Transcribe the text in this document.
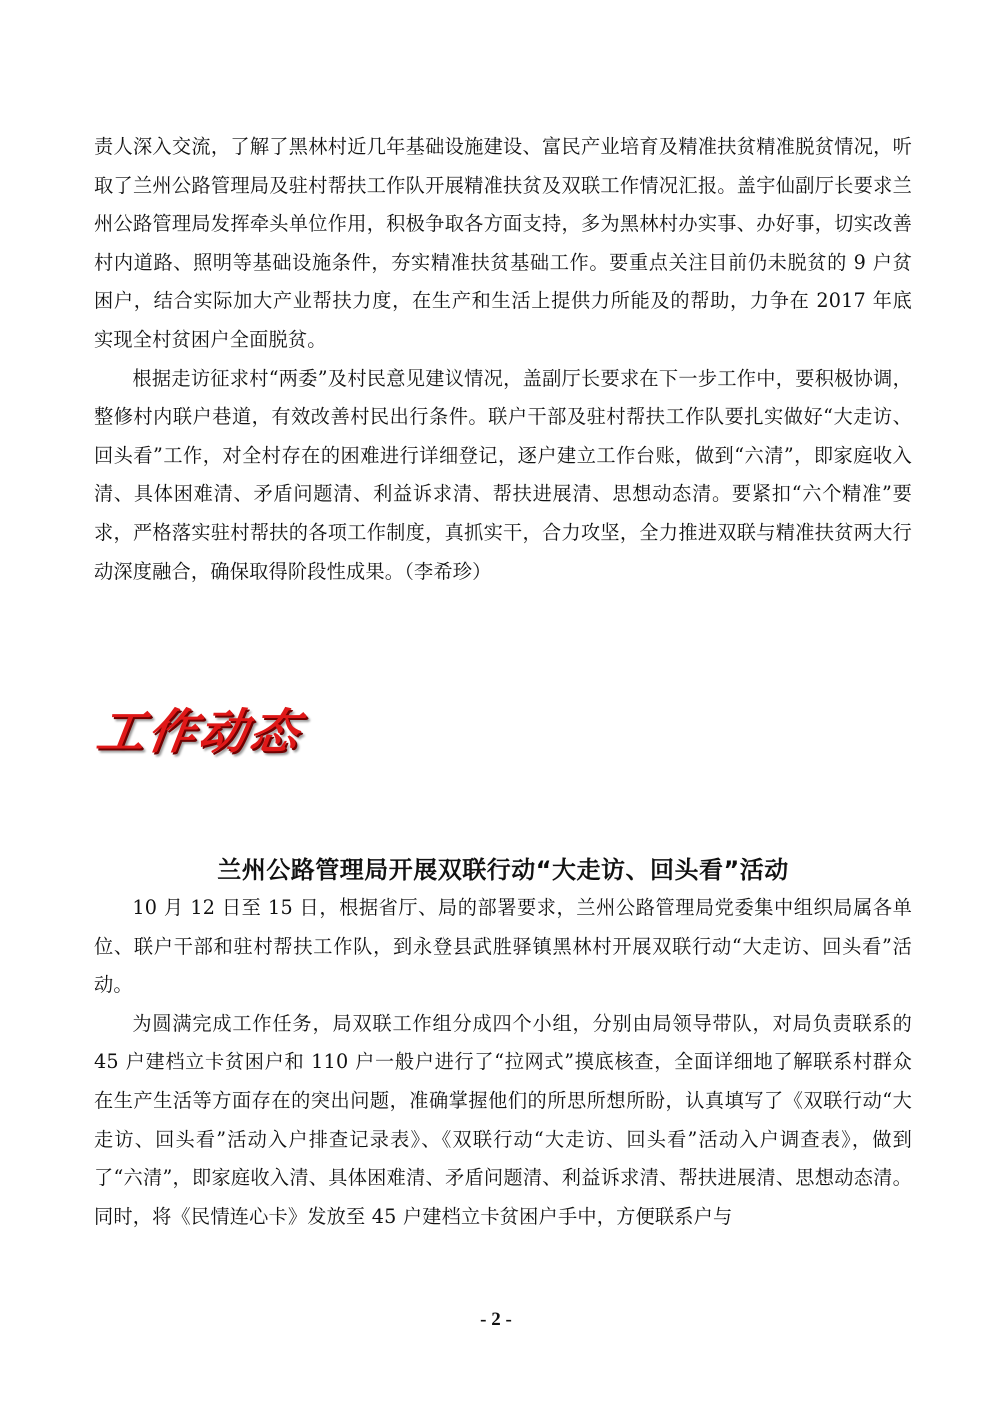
责人深入交流，了解了黑林村近几年基础设施建设、富民产业培育及精准扶贫精准脱贫情况，听取了兰州公路管理局及驻村帮扶工作队开展精准扶贫及双联工作情况汇报。盖宇仙副厅长要求兰州公路管理局发挥牵头单位作用，积极争取各方面支持，多为黑林村办实事、办好事，切实改善村内道路、照明等基础设施条件，夯实精准扶贫基础工作。要重点关注目前仍未脱贫的 9 户贫困户，结合实际加大产业帮扶力度，在生产和生活上提供力所能及的帮助，力争在 2017 年底实现全村贫困户全面脱贫。

根据走访征求村“两委”及村民意见建议情况，盖副厅长要求在下一步工作中，要积极协调，整修村内联户巷道，有效改善村民出行条件。联户干部及驻村帮扶工作队要扎实做好“大走访、回头看”工作，对全村存在的困难进行详细登记，逐户建立工作台账，做到“六清”，即家庭收入清、具体困难清、矛盾问题清、利益诉求清、帮扶进展清、思想动态清。要紧扣“六个精准”要求，严格落实驻村帮扶的各项工作制度，真抓实干，合力攻坚，全力推进双联与精准扶贫两大行动深度融合，确保取得阶段性成果。（李希珍）

工作动态
兰州公路管理局开展双联行动“大走访、回头看”活动

10 月 12 日至 15 日，根据省厅、局的部署要求，兰州公路管理局党委集中组织局属各单位、联户干部和驻村帮扶工作队，到永登县武胜驿镇黑林村开展双联行动“大走访、回头看”活动。

为圆满完成工作任务，局双联工作组分成四个小组，分别由局领导带队，对局负责联系的 45 户建档立卡贫困户和 110 户一般户进行了“拉网式”摸底核查，全面详细地了解联系村群众在生产生活等方面存在的突出问题，准确掌握他们的所思所想所盼，认真填写了《双联行动“大走访、回头看”活动入户排查记录表》、《双联行动“大走访、回头看”活动入户调查表》，做到了“六清”，即家庭收入清、具体困难清、矛盾问题清、利益诉求清、帮扶进展清、思想动态清。同时，将《民情连心卡》发放至 45 户建档立卡贫困户手中，方便联系户与

- 2 -
